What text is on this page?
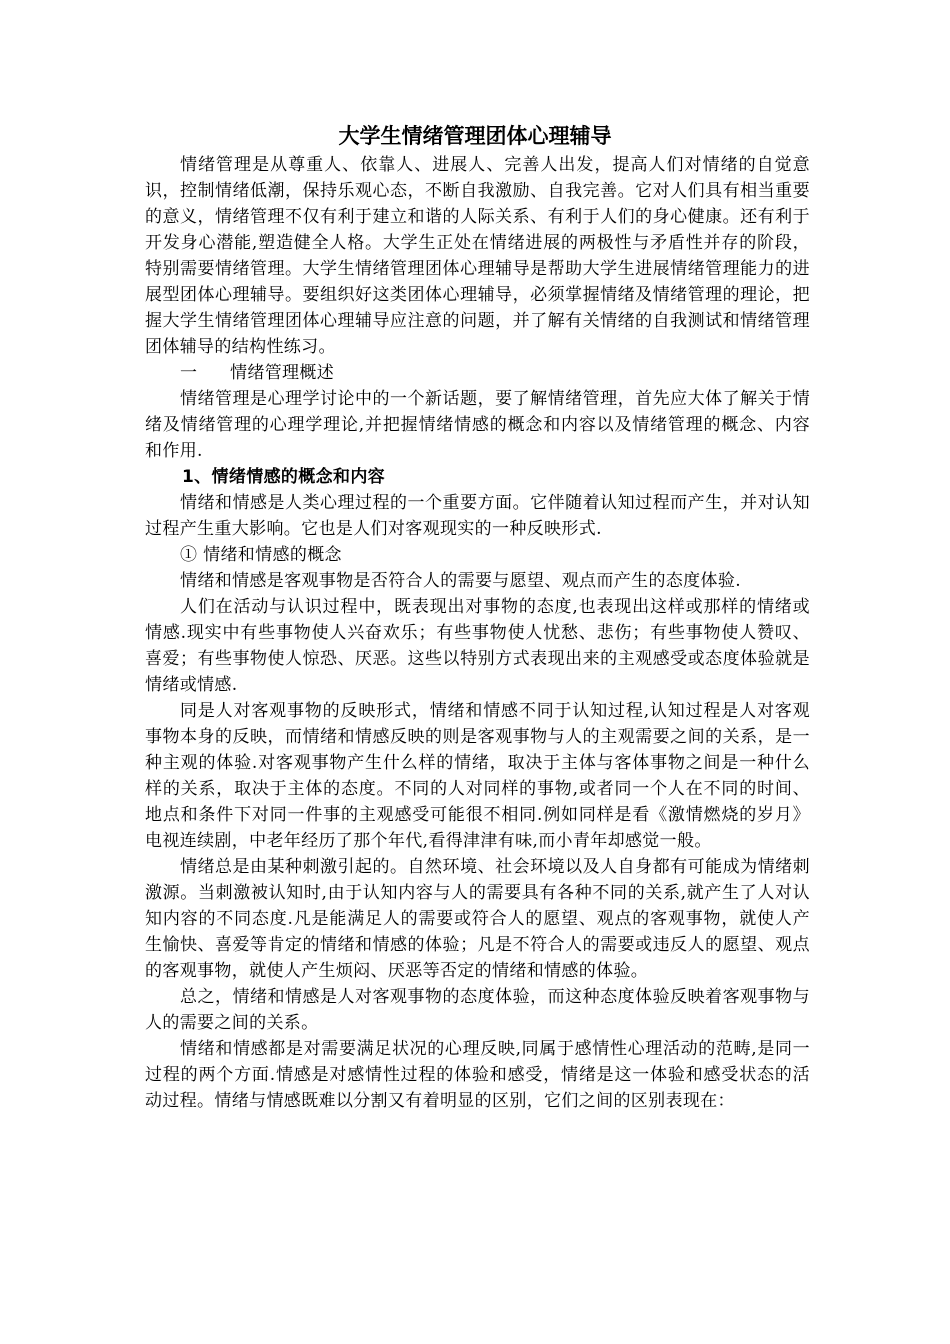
大学生情绪管理团体心理辅导

情绪管理是从尊重人、依靠人、进展人、完善人出发，提高人们对情绪的自觉意识，控制情绪低潮，保持乐观心态，不断自我激励、自我完善。它对人们具有相当重要的意义，情绪管理不仅有利于建立和谐的人际关系、有利于人们的身心健康。还有利于开发身心潜能,塑造健全人格。大学生正处在情绪进展的两极性与矛盾性并存的阶段，特别需要情绪管理。大学生情绪管理团体心理辅导是帮助大学生进展情绪管理能力的进展型团体心理辅导。要组织好这类团体心理辅导，必须掌握情绪及情绪管理的理论，把握大学生情绪管理团体心理辅导应注意的问题，并了解有关情绪的自我测试和情绪管理团体辅导的结构性练习。

一 情绪管理概述

情绪管理是心理学讨论中的一个新话题，要了解情绪管理，首先应大体了解关于情绪及情绪管理的心理学理论,并把握情绪情感的概念和内容以及情绪管理的概念、内容和作用.

1、情绪情感的概念和内容

情绪和情感是人类心理过程的一个重要方面。它伴随着认知过程而产生，并对认知过程产生重大影响。它也是人们对客观现实的一种反映形式.

① 情绪和情感的概念

情绪和情感是客观事物是否符合人的需要与愿望、观点而产生的态度体验.

人们在活动与认识过程中，既表现出对事物的态度,也表现出这样或那样的情绪或情感.现实中有些事物使人兴奋欢乐；有些事物使人忧愁、悲伤；有些事物使人赞叹、喜爱；有些事物使人惊恐、厌恶。这些以特别方式表现出来的主观感受或态度体验就是情绪或情感.

同是人对客观事物的反映形式，情绪和情感不同于认知过程,认知过程是人对客观事物本身的反映，而情绪和情感反映的则是客观事物与人的主观需要之间的关系，是一种主观的体验.对客观事物产生什么样的情绪，取决于主体与客体事物之间是一种什么样的关系，取决于主体的态度。不同的人对同样的事物,或者同一个人在不同的时间、地点和条件下对同一件事的主观感受可能很不相同.例如同样是看《激情燃烧的岁月》电视连续剧，中老年经历了那个年代,看得津津有味,而小青年却感觉一般。

情绪总是由某种刺激引起的。自然环境、社会环境以及人自身都有可能成为情绪刺激源。当刺激被认知时,由于认知内容与人的需要具有各种不同的关系,就产生了人对认知内容的不同态度.凡是能满足人的需要或符合人的愿望、观点的客观事物，就使人产生愉快、喜爱等肯定的情绪和情感的体验；凡是不符合人的需要或违反人的愿望、观点的客观事物，就使人产生烦闷、厌恶等否定的情绪和情感的体验。

总之，情绪和情感是人对客观事物的态度体验，而这种态度体验反映着客观事物与人的需要之间的关系。

情绪和情感都是对需要满足状况的心理反映,同属于感情性心理活动的范畴,是同一过程的两个方面.情感是对感情性过程的体验和感受，情绪是这一体验和感受状态的活动过程。情绪与情感既难以分割又有着明显的区别，它们之间的区别表现在：
